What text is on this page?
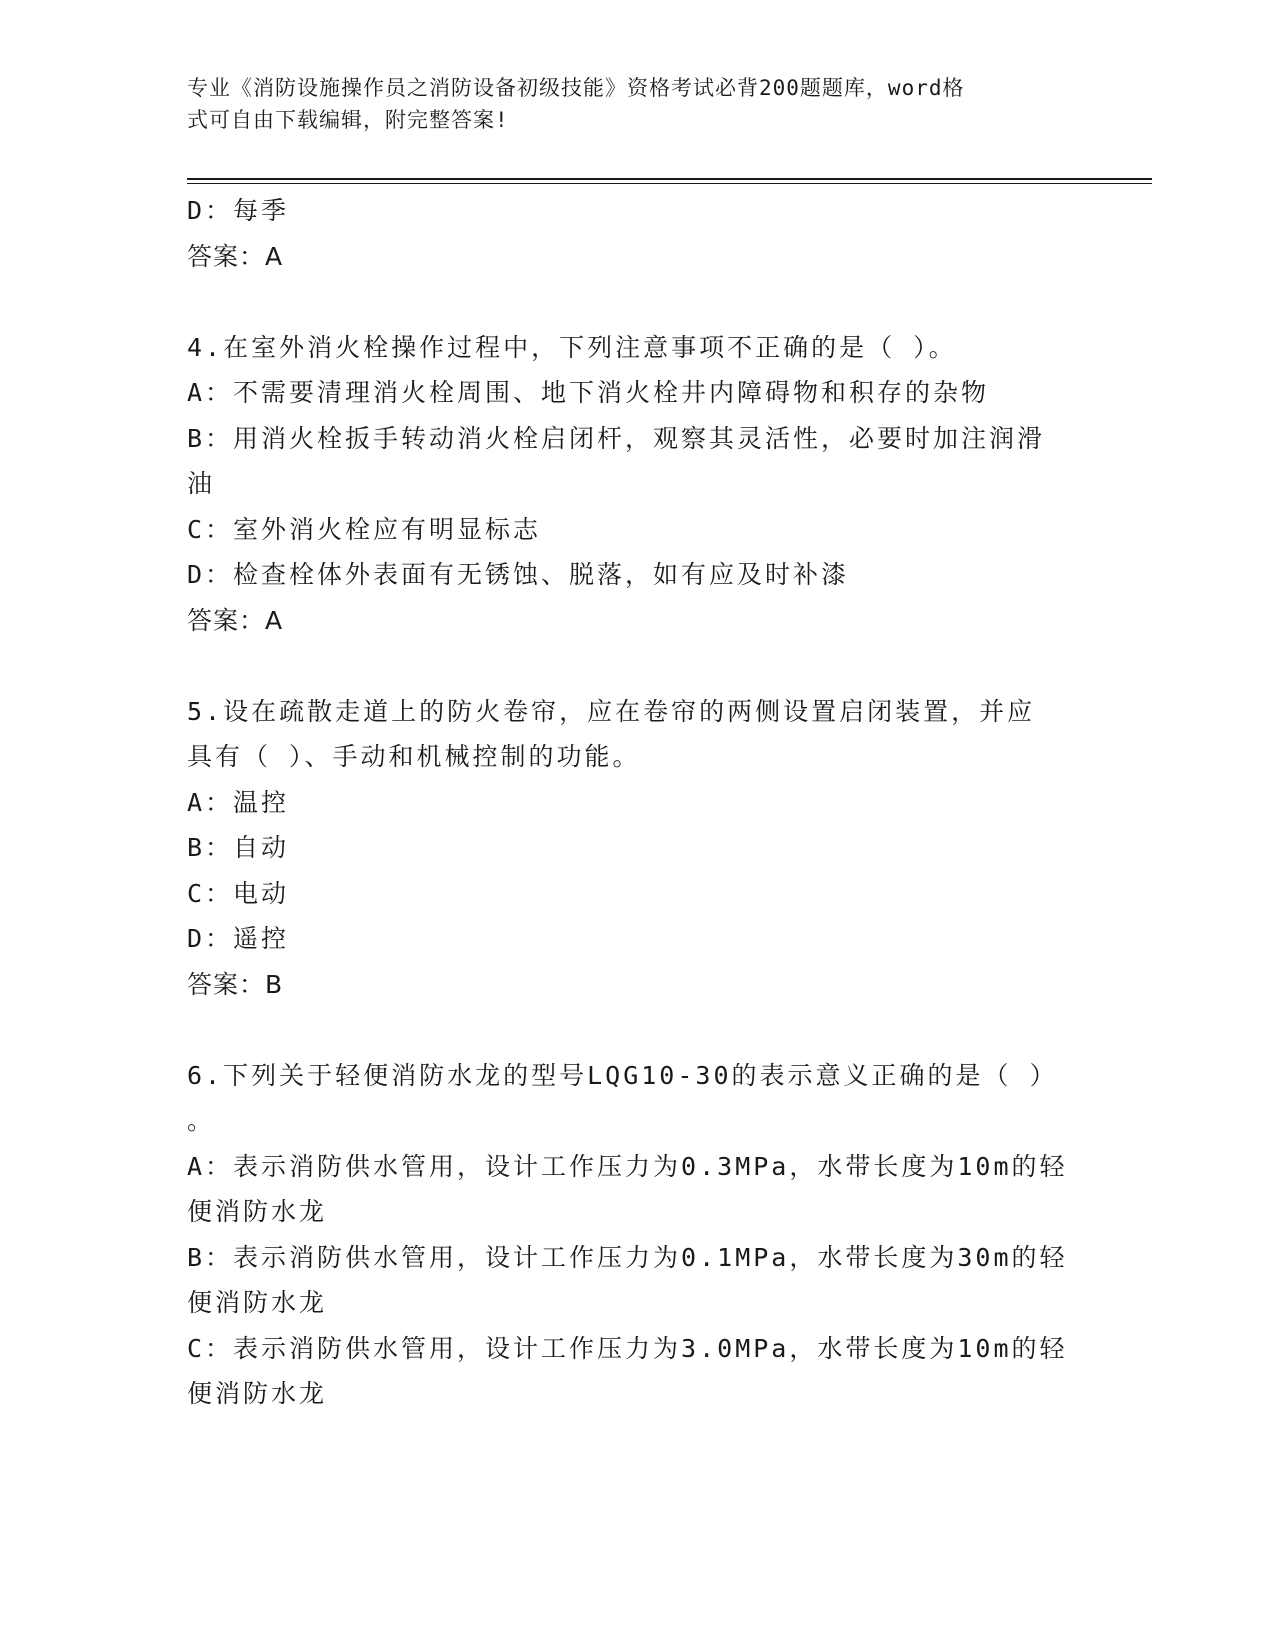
专业《消防设施操作员之消防设备初级技能》资格考试必背200题题库，word格
式可自由下载编辑，附完整答案!
D：每季
答案：A
4.在室外消火栓操作过程中，下列注意事项不正确的是（ ）。
A：不需要清理消火栓周围、地下消火栓井内障碍物和积存的杂物
B：用消火栓扳手转动消火栓启闭杆，观察其灵活性，必要时加注润滑
油
C：室外消火栓应有明显标志
D：检查栓体外表面有无锈蚀、脱落，如有应及时补漆
答案：A
5.设在疏散走道上的防火卷帘，应在卷帘的两侧设置启闭装置，并应
具有（ ）、手动和机械控制的功能。
A：温控
B：自动
C：电动
D：遥控
答案：B
6.下列关于轻便消防水龙的型号LQG10-30的表示意义正确的是（ ）
。
A：表示消防供水管用，设计工作压力为0.3MPa，水带长度为10m的轻
便消防水龙
B：表示消防供水管用，设计工作压力为0.1MPa，水带长度为30m的轻
便消防水龙
C：表示消防供水管用，设计工作压力为3.0MPa，水带长度为10m的轻
便消防水龙
